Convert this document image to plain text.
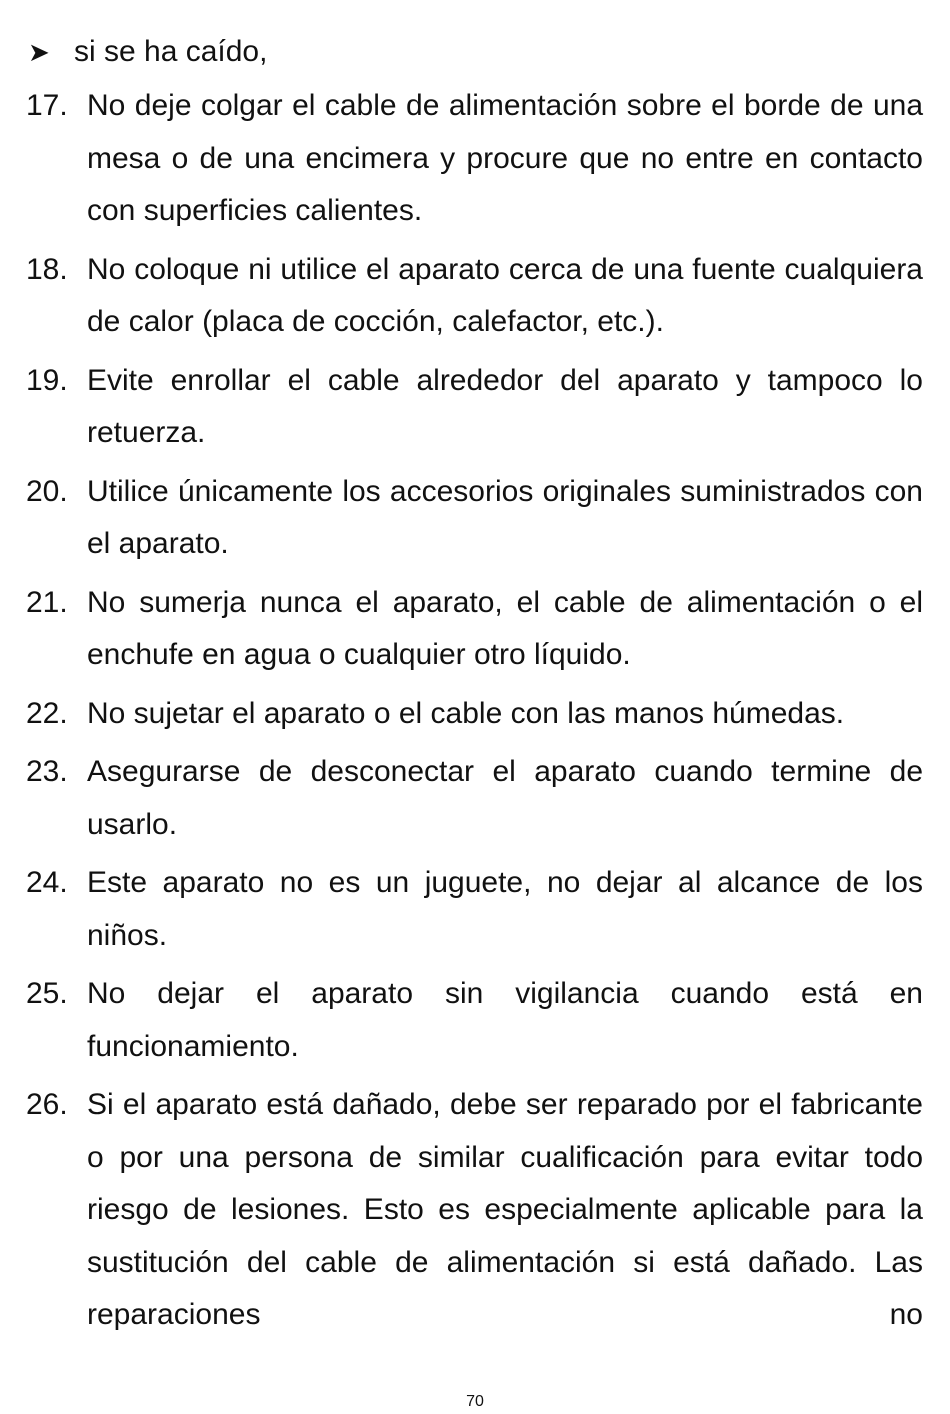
➤ si se ha caído,
17. No deje colgar el cable de alimentación sobre el borde de una mesa o de una encimera y procure que no entre en contacto con superficies calientes.
18. No coloque ni utilice el aparato cerca de una fuente cualquiera de calor (placa de cocción, calefactor, etc.).
19. Evite enrollar el cable alrededor del aparato y tampoco lo retuerza.
20. Utilice únicamente los accesorios originales suministrados con el aparato.
21. No sumerja nunca el aparato, el cable de alimentación o el enchufe en agua o cualquier otro líquido.
22. No sujetar el aparato o el cable con las manos húmedas.
23. Asegurarse de desconectar el aparato cuando termine de usarlo.
24. Este aparato no es un juguete, no dejar al alcance de los niños.
25. No dejar el aparato sin vigilancia cuando está en funcionamiento.
26. Si el aparato está dañado, debe ser reparado por el fabricante o por una persona de similar cualificación para evitar todo riesgo de lesiones. Esto es especialmente aplicable para la sustitución del cable de alimentación si está dañado. Las reparaciones no
70
